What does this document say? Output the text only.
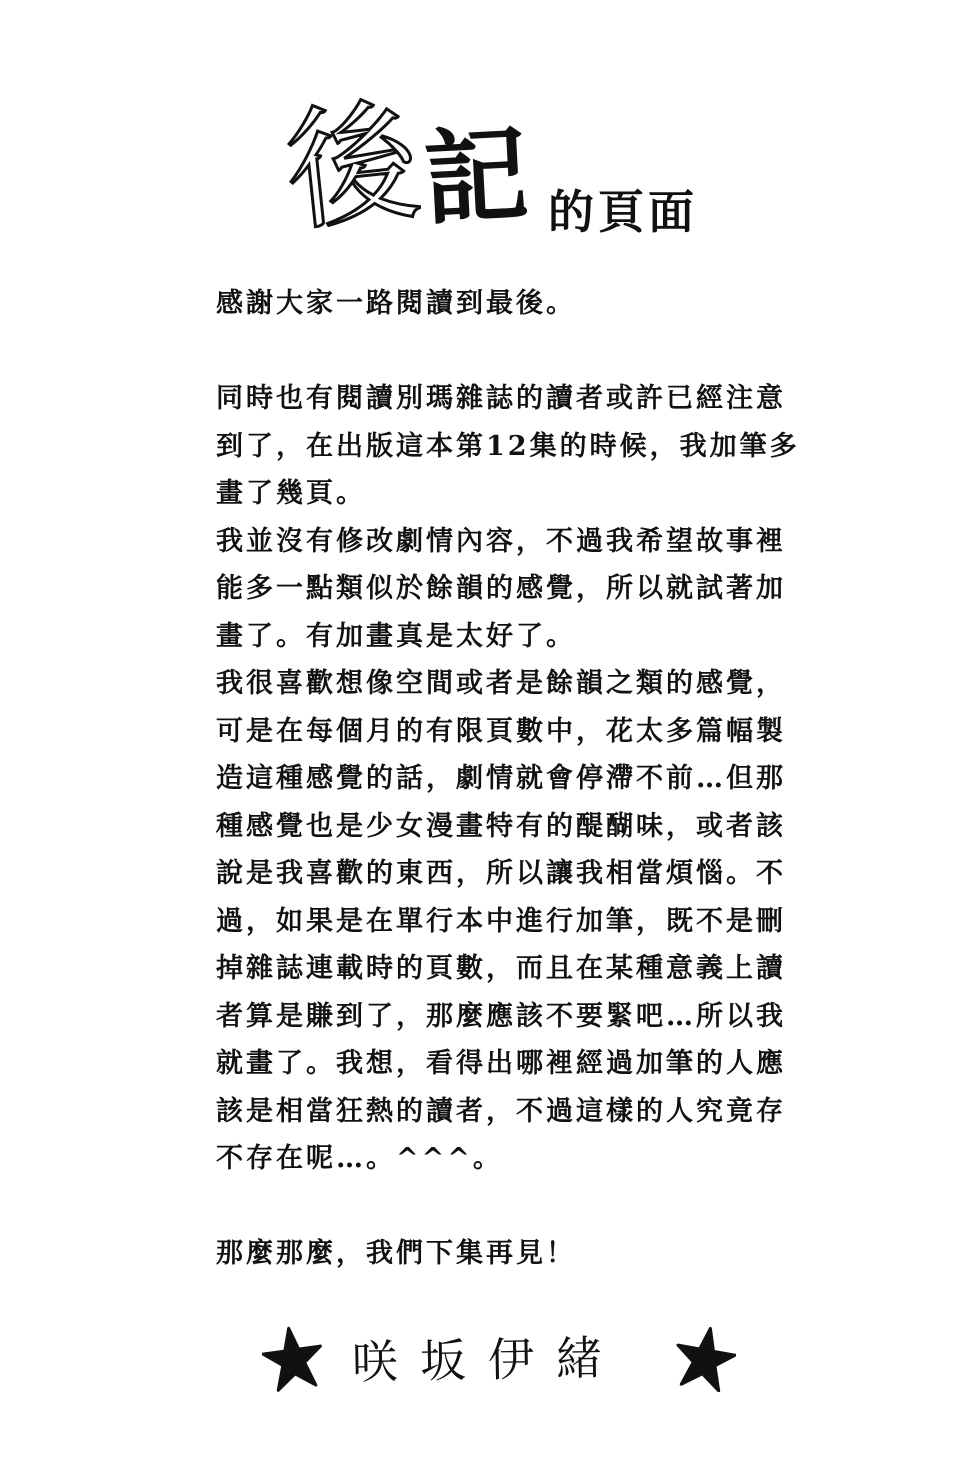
後
記 的頁面

感謝大家一路閱讀到最後。

同時也有閱讀別瑪雜誌的讀者或許已經注意

到了，在出版這本第12集的時候，我加筆多

畫了幾頁。

我並沒有修改劇情內容，不過我希望故事裡

能多一點類似於餘韻的感覺，所以就試著加

畫了。有加畫真是太好了。

我很喜歡想像空間或者是餘韻之類的感覺，

可是在每個月的有限頁數中，花太多篇幅製

造這種感覺的話，劇情就會停滯不前…但那

種感覺也是少女漫畫特有的醍醐味，或者該

說是我喜歡的東西，所以讓我相當煩惱。不

過，如果是在單行本中進行加筆，既不是刪

掉雜誌連載時的頁數，而且在某種意義上讀

者算是賺到了，那麼應該不要緊吧…所以我

就畫了。我想，看得出哪裡經過加筆的人應

該是相當狂熱的讀者，不過這樣的人究竟存

不存在呢…。^^^。

那麼那麼，我們下集再見！

咲坂伊緒
